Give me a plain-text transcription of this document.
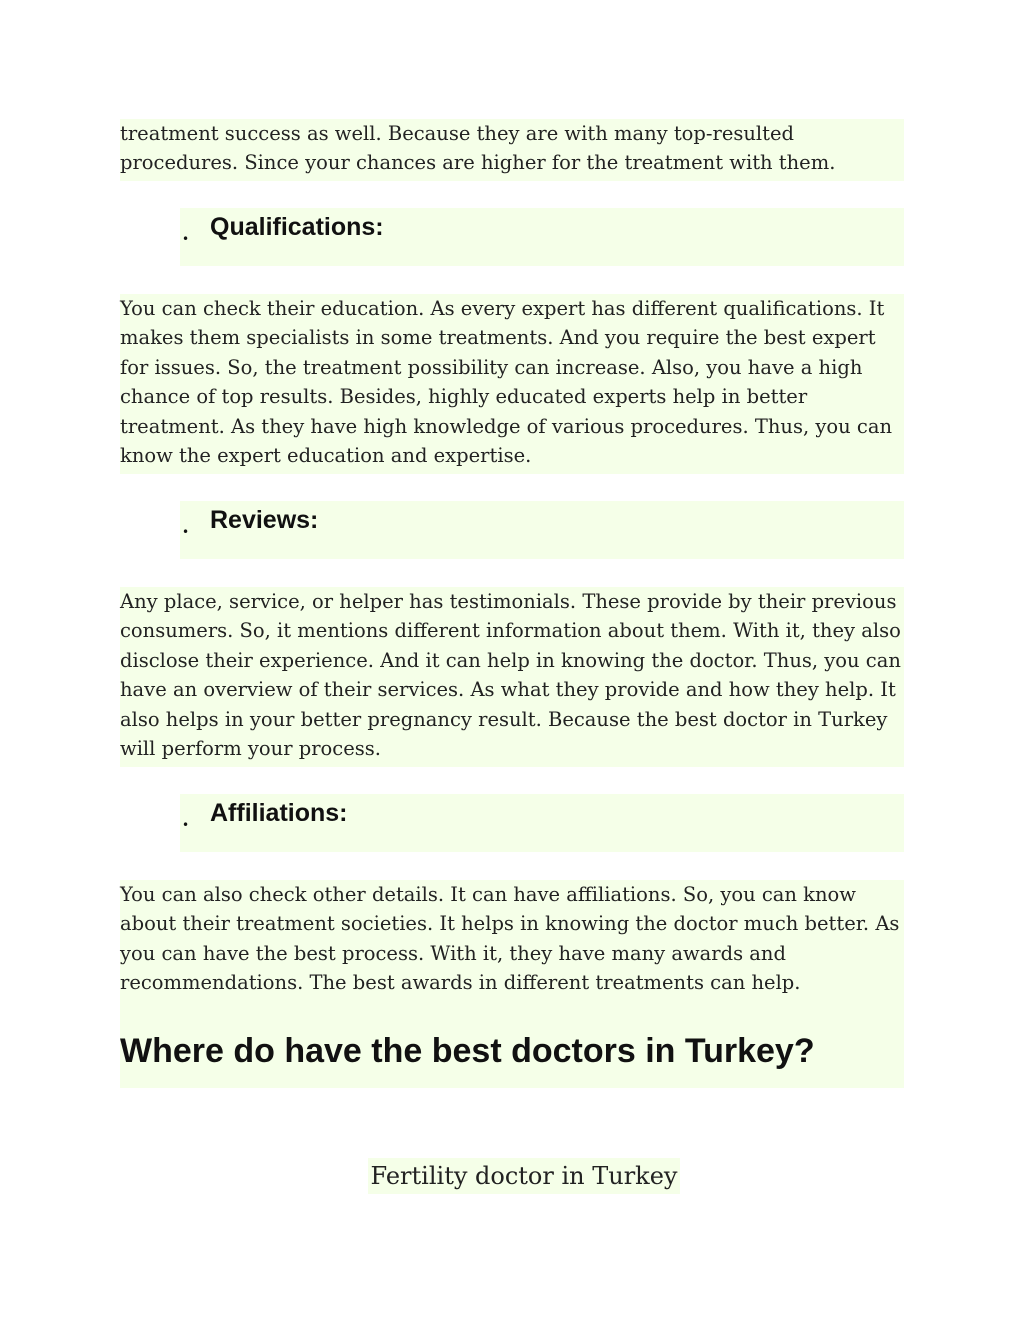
treatment success as well. Because they are with many top-resulted procedures. Since your chances are higher for the treatment with them.
• Qualifications:
You can check their education. As every expert has different qualifications. It makes them specialists in some treatments. And you require the best expert for issues. So, the treatment possibility can increase. Also, you have a high chance of top results. Besides, highly educated experts help in better treatment. As they have high knowledge of various procedures. Thus, you can know the expert education and expertise.
• Reviews:
Any place, service, or helper has testimonials. These provide by their previous consumers. So, it mentions different information about them. With it, they also disclose their experience. And it can help in knowing the doctor. Thus, you can have an overview of their services. As what they provide and how they help. It also helps in your better pregnancy result. Because the best doctor in Turkey will perform your process.
• Affiliations:
You can also check other details. It can have affiliations. So, you can know about their treatment societies. It helps in knowing the doctor much better. As you can have the best process. With it, they have many awards and recommendations. The best awards in different treatments can help.
Where do have the best doctors in Turkey?
Fertility doctor in Turkey
